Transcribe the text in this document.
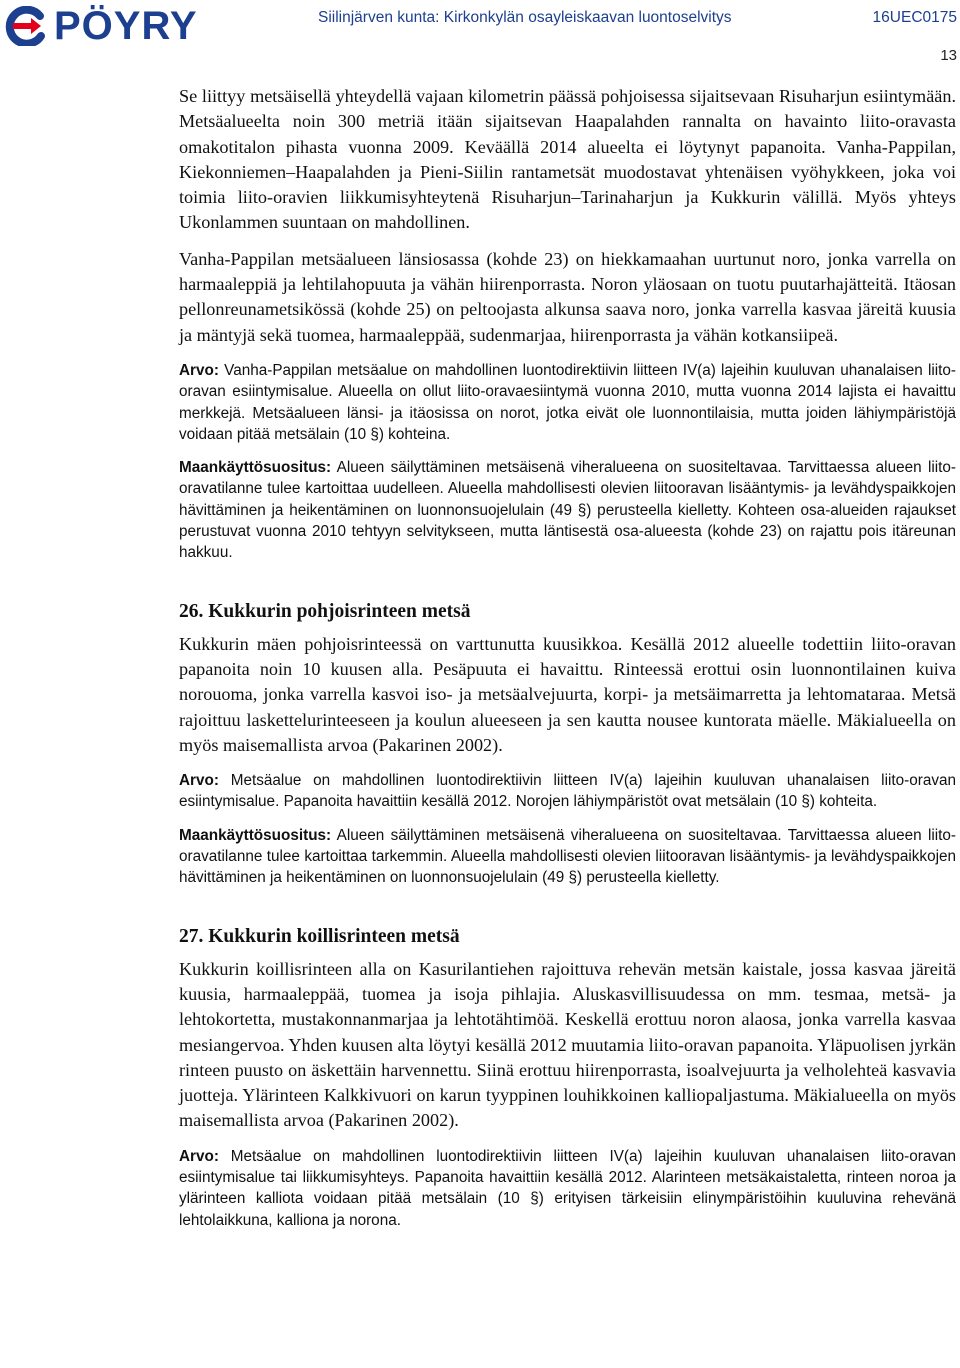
PÖYRY	Siilinjärven kunta: Kirkonkylän osayleiskaavan luontoselvitys	16UEC0175
13

Se liittyy metsäisellä yhteydellä vajaan kilometrin päässä pohjoisessa sijaitsevaan Risuharjun esiintymään. Metsäalueelta noin 300 metriä itään sijaitsevan Haapalahden rannalta on havainto liito-oravasta omakotitalon pihasta vuonna 2009. Keväällä 2014 alueelta ei löytynyt papanoita. Vanha-Pappilan, Kiekonniemen–Haapalahden ja Pieni-Siilin rantametsät muodostavat yhtenäisen vyöhykkeen, joka voi toimia liito-oravien liikkumisyhteytenä Risuharjun–Tarinaharjun ja Kukkurin välillä. Myös yhteys Ukonlammen suuntaan on mahdollinen.

Vanha-Pappilan metsäalueen länsiosassa (kohde 23) on hiekkamaahan uurtunut noro, jonka varrella on harmaaleppiä ja lehtilahopuuta ja vähän hiirenporrasta. Noron yläosaan on tuotu puutarhajätteitä. Itäosan pellonreunametsikössä (kohde 25) on peltoojasta alkunsa saava noro, jonka varrella kasvaa järeitä kuusia ja mäntyjä sekä tuomea, harmaaleppää, sudenmarjaa, hiirenporrasta ja vähän kotkansiipeä.

Arvo: Vanha-Pappilan metsäalue on mahdollinen luontodirektiivin liitteen IV(a) lajeihin kuuluvan uhanalaisen liito-oravan esiintymisalue. Alueella on ollut liito-oravaesiintymä vuonna 2010, mutta vuonna 2014 lajista ei havaittu merkkejä. Metsäalueen länsi- ja itäosissa on norot, jotka eivät ole luonnontilaisia, mutta joiden lähiympäristöjä voidaan pitää metsälain (10 §) kohteina.

Maankäyttösuositus: Alueen säilyttäminen metsäisenä viheralueena on suositeltavaa. Tarvittaessa alueen liito-oravatilanne tulee kartoittaa uudelleen. Alueella mahdollisesti olevien liitooravan lisääntymis- ja levähdyspaikkojen hävittäminen ja heikentäminen on luonnonsuojelulain (49 §) perusteella kielletty. Kohteen osa-alueiden rajaukset perustuvat vuonna 2010 tehtyyn selvitykseen, mutta läntisestä osa-alueesta (kohde 23) on rajattu pois itäreunan hakkuu.

26. Kukkurin pohjoisrinteen metsä

Kukkurin mäen pohjoisrinteessä on varttunutta kuusikkoa. Kesällä 2012 alueelle todettiin liito-oravan papanoita noin 10 kuusen alla. Pesäpuuta ei havaittu. Rinteessä erottui osin luonnontilainen kuiva norouoma, jonka varrella kasvoi iso- ja metsäalvejuurta, korpi- ja metsäimarretta ja lehtomataraa. Metsä rajoittuu laskettelurinteeseen ja koulun alueeseen ja sen kautta nousee kuntorata mäelle. Mäkialueella on myös maisemallista arvoa (Pakarinen 2002).

Arvo: Metsäalue on mahdollinen luontodirektiivin liitteen IV(a) lajeihin kuuluvan uhanalaisen liito-oravan esiintymisalue. Papanoita havaittiin kesällä 2012. Norojen lähiympäristöt ovat metsälain (10 §) kohteita.

Maankäyttösuositus: Alueen säilyttäminen metsäisenä viheralueena on suositeltavaa. Tarvittaessa alueen liito-oravatilanne tulee kartoittaa tarkemmin. Alueella mahdollisesti olevien liitooravan lisääntymis- ja levähdyspaikkojen hävittäminen ja heikentäminen on luonnonsuojelulain (49 §) perusteella kielletty.

27. Kukkurin koillisrinteen metsä

Kukkurin koillisrinteen alla on Kasurilantiehen rajoittuva rehevän metsän kaistale, jossa kasvaa järeitä kuusia, harmaaleppää, tuomea ja isoja pihlajia. Aluskasvillisuudessa on mm. tesmaa, metsä- ja lehtokortetta, mustakonnanmarjaa ja lehtotähtimöä. Keskellä erottuu noron alaosa, jonka varrella kasvaa mesiangervoa. Yhden kuusen alta löytyi kesällä 2012 muutamia liito-oravan papanoita. Yläpuolisen jyrkän rinteen puusto on äskettäin harvennettu. Siinä erottuu hiirenporrasta, isoalvejuurta ja velholehteä kasvavia juotteja. Ylärinteen Kalkkivuori on karun tyyppinen louhikkoinen kalliopaljastuma. Mäkialueella on myös maisemallista arvoa (Pakarinen 2002).

Arvo: Metsäalue on mahdollinen luontodirektiivin liitteen IV(a) lajeihin kuuluvan uhanalaisen liito-oravan esiintymisalue tai liikkumisyhteys. Papanoita havaittiin kesällä 2012. Alarinteen metsäkaistaletta, rinteen noroa ja ylärinteen kalliota voidaan pitää metsälain (10 §) erityisen tärkeisiin elinympäristöihin kuuluvina rehevänä lehtolaikkuna, kalliona ja norona.
